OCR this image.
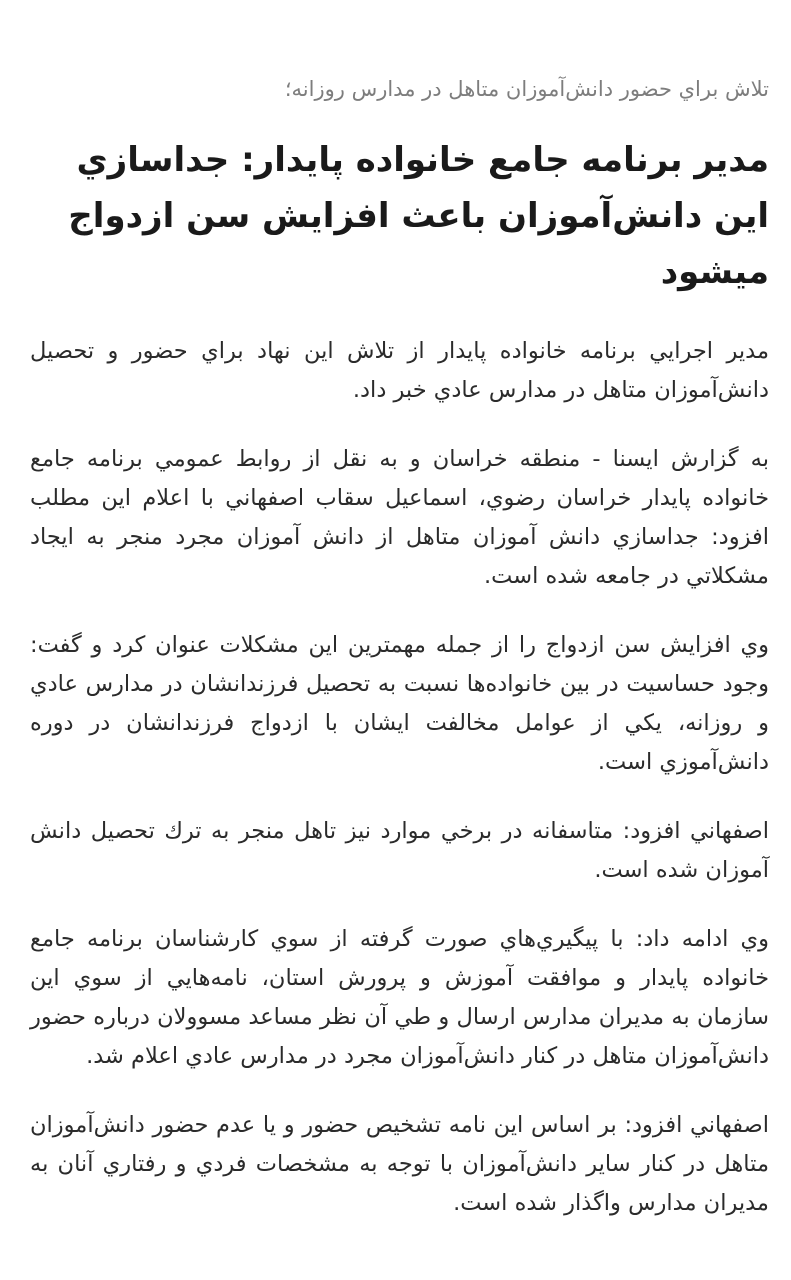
تلاش براي حضور دانش‌آموزان متاهل در مدارس روزانه؛
مدير برنامه جامع خانواده پايدار: جداسازي اين دانش‌آموزان باعث افزايش سن ازدواج ميشود

مدير اجرايي برنامه خانواده پايدار از تلاش اين نهاد براي حضور و تحصيل دانش‌آموزان متاهل در مدارس عادي خبر داد.

به گزارش ايسنا - منطقه خراسان و به نقل از روابط عمومي برنامه جامع خانواده پايدار خراسان رضوي، اسماعيل سقاب اصفهاني با اعلام اين مطلب افزود: جداسازي دانش آموزان متاهل از دانش آموزان مجرد منجر به ايجاد مشكلاتي در جامعه شده است.

وي افزايش سن ازدواج را از جمله مهمترين اين مشكلات عنوان كرد و گفت: وجود حساسيت در بين خانواده‌ها نسبت به تحصيل فرزندانشان در مدارس عادي و روزانه، يكي از عوامل مخالفت ايشان با ازدواج فرزندانشان در دوره دانش‌آموزي است.

اصفهاني افزود: متاسفانه در برخي موارد نيز تاهل منجر به ترك تحصيل دانش آموزان شده است.

وي ادامه داد: با پيگيري‌هاي صورت گرفته از سوي كارشناسان برنامه جامع خانواده پايدار و موافقت آموزش و پرورش استان، نامه‌هايي از سوي اين سازمان به مديران مدارس ارسال و طي آن نظر مساعد مسوولان درباره حضور دانش‌آموزان متاهل در كنار دانش‌آموزان مجرد در مدارس عادي اعلام شد.

اصفهاني افزود: بر اساس اين نامه تشخيص حضور و يا عدم حضور دانش‌آموزان متاهل در كنار ساير دانش‌آموزان با توجه به مشخصات فردي و رفتاري آنان به مديران مدارس واگذار شده است.
